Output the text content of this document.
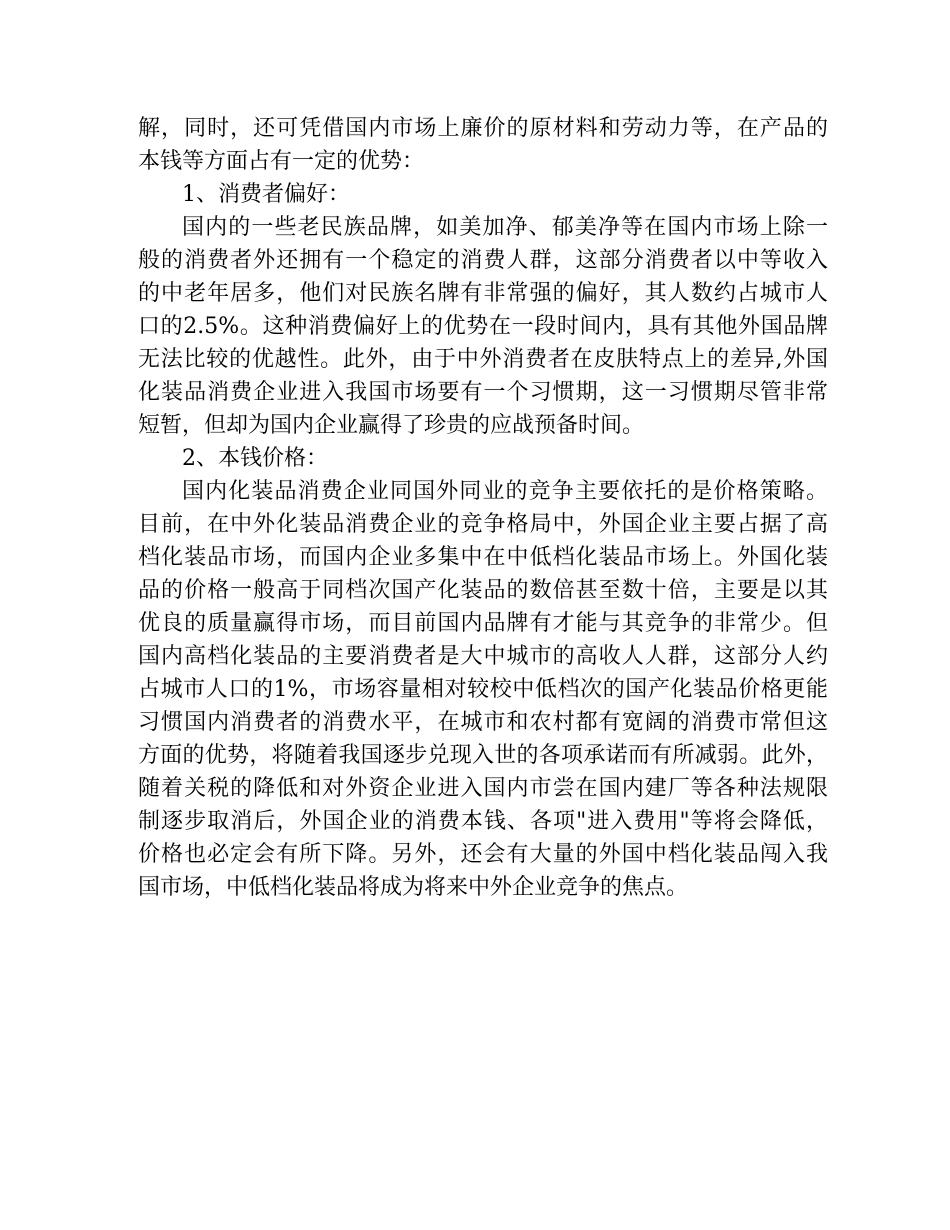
解，同时，还可凭借国内市场上廉价的原材料和劳动力等，在产品的
本钱等方面占有一定的优势：
1、消费者偏好：
国内的一些老民族品牌，如美加净、郁美净等在国内市场上除一
般的消费者外还拥有一个稳定的消费人群，这部分消费者以中等收入
的中老年居多，他们对民族名牌有非常强的偏好，其人数约占城市人
口的2.5%。这种消费偏好上的优势在一段时间内，具有其他外国品牌
无法比较的优越性。此外，由于中外消费者在皮肤特点上的差异,外国
化装品消费企业进入我国市场要有一个习惯期，这一习惯期尽管非常
短暂，但却为国内企业赢得了珍贵的应战预备时间。
2、本钱价格：
国内化装品消费企业同国外同业的竞争主要依托的是价格策略。
目前，在中外化装品消费企业的竞争格局中，外国企业主要占据了高
档化装品市场，而国内企业多集中在中低档化装品市场上。外国化装
品的价格一般高于同档次国产化装品的数倍甚至数十倍，主要是以其
优良的质量赢得市场，而目前国内品牌有才能与其竞争的非常少。但
国内高档化装品的主要消费者是大中城市的高收人人群，这部分人约
占城市人口的1%，市场容量相对较校中低档次的国产化装品价格更能
习惯国内消费者的消费水平，在城市和农村都有宽阔的消费市常但这
方面的优势，将随着我国逐步兑现入世的各项承诺而有所减弱。此外，
随着关税的降低和对外资企业进入国内市尝在国内建厂等各种法规限
制逐步取消后，外国企业的消费本钱、各项"进入费用"等将会降低，
价格也必定会有所下降。另外，还会有大量的外国中档化装品闯入我
国市场，中低档化装品将成为将来中外企业竞争的焦点。
